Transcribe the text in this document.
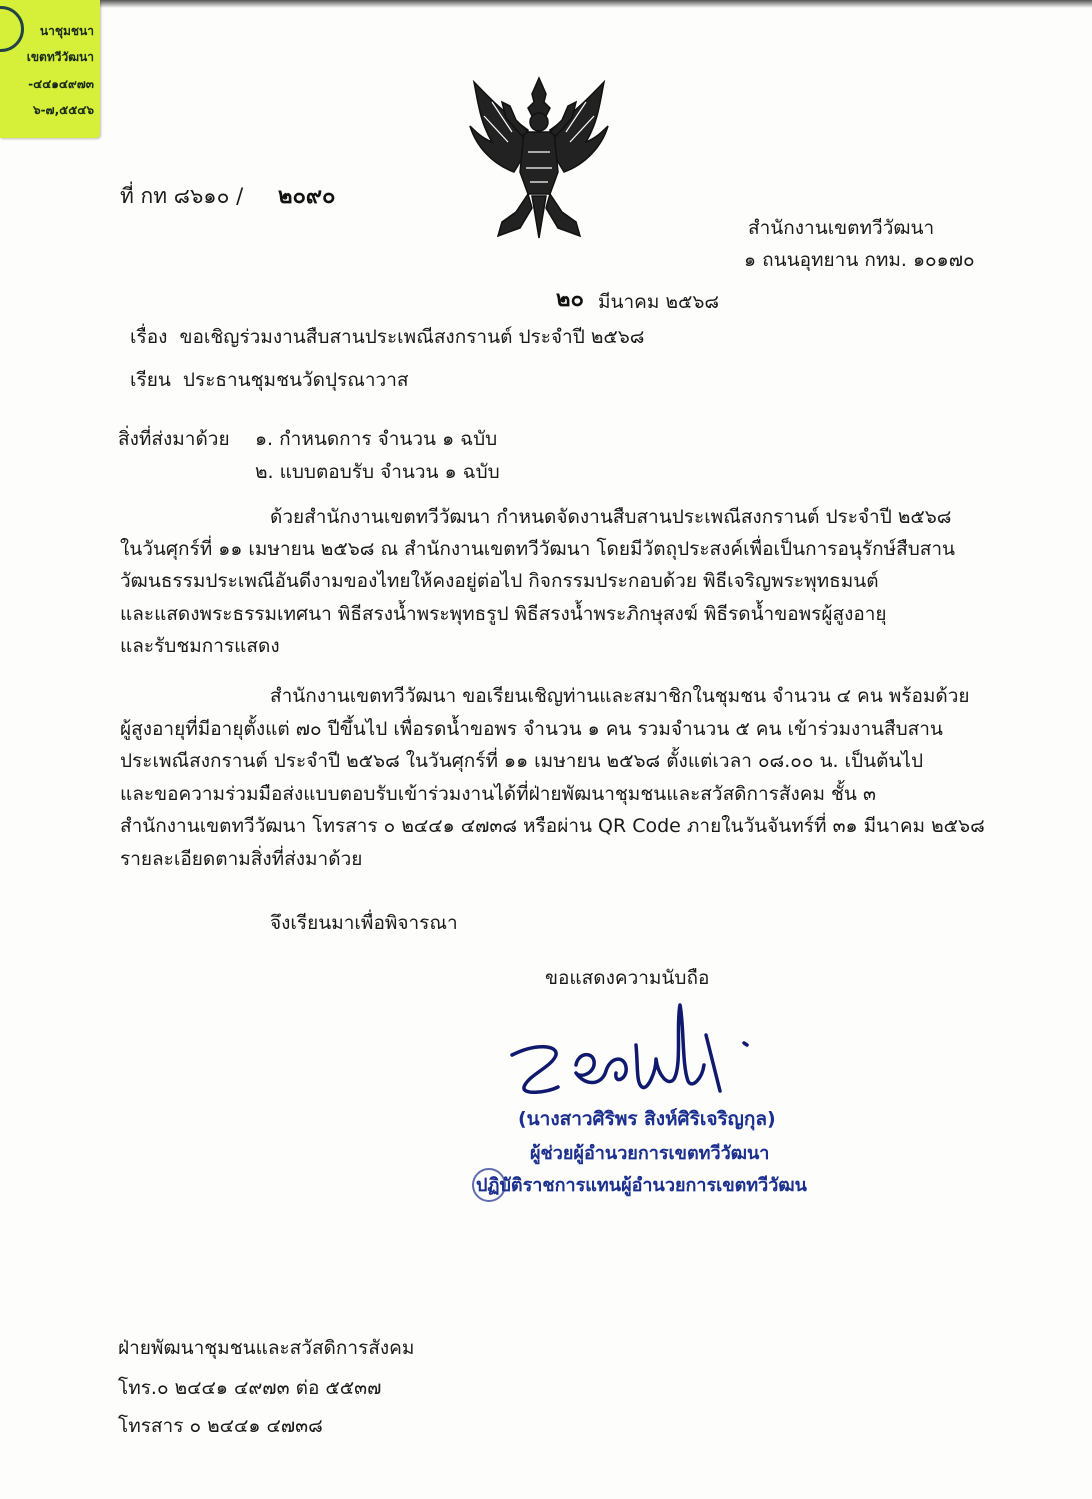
นาชุมชนา
เขตทวีวัฒนา
-๔๔๑๔๙๗๓
๖-๗,๕๕๔๖
ที่ กท ๘๖๑๐ / ๒๐๙๐
สำนักงานเขตทวีวัฒนา
๑ ถนนอุทยาน กทม. ๑๐๑๗๐
๒๐ มีนาคม ๒๕๖๘
เรื่อง ขอเชิญร่วมงานสืบสานประเพณีสงกรานต์ ประจำปี ๒๕๖๘
เรียน ประธานชุมชนวัดปุรณาวาส
สิ่งที่ส่งมาด้วย ๑. กำหนดการ จำนวน ๑ ฉบับ
๒. แบบตอบรับ จำนวน ๑ ฉบับ
ด้วยสำนักงานเขตทวีวัฒนา กำหนดจัดงานสืบสานประเพณีสงกรานต์ ประจำปี ๒๕๖๘
ในวันศุกร์ที่ ๑๑ เมษายน ๒๕๖๘ ณ สำนักงานเขตทวีวัฒนา โดยมีวัตถุประสงค์เพื่อเป็นการอนุรักษ์สืบสาน
วัฒนธรรมประเพณีอันดีงามของไทยให้คงอยู่ต่อไป กิจกรรมประกอบด้วย พิธีเจริญพระพุทธมนต์
และแสดงพระธรรมเทศนา พิธีสรงน้ำพระพุทธรูป พิธีสรงน้ำพระภิกษุสงฆ์ พิธีรดน้ำขอพรผู้สูงอายุ
และรับชมการแสดง
สำนักงานเขตทวีวัฒนา ขอเรียนเชิญท่านและสมาชิกในชุมชน จำนวน ๔ คน พร้อมด้วย
ผู้สูงอายุที่มีอายุตั้งแต่ ๗๐ ปีขึ้นไป เพื่อรดน้ำขอพร จำนวน ๑ คน รวมจำนวน ๕ คน เข้าร่วมงานสืบสาน
ประเพณีสงกรานต์ ประจำปี ๒๕๖๘ ในวันศุกร์ที่ ๑๑ เมษายน ๒๕๖๘ ตั้งแต่เวลา ๐๘.๐๐ น. เป็นต้นไป
และขอความร่วมมือส่งแบบตอบรับเข้าร่วมงานได้ที่ฝ่ายพัฒนาชุมชนและสวัสดิการสังคม ชั้น ๓
สำนักงานเขตทวีวัฒนา โทรสาร ๐ ๒๔๔๑ ๔๗๓๘ หรือผ่าน QR Code ภายในวันจันทร์ที่ ๓๑ มีนาคม ๒๕๖๘
รายละเอียดตามสิ่งที่ส่งมาด้วย
จึงเรียนมาเพื่อพิจารณา
ขอแสดงความนับถือ
(นางสาวศิริพร สิงห์ศิริเจริญกุล)
ผู้ช่วยผู้อำนวยการเขตทวีวัฒนา
ปฏิบัติราชการแทนผู้อำนวยการเขตทวีวัฒน
ฝ่ายพัฒนาชุมชนและสวัสดิการสังคม
โทร.๐ ๒๔๔๑ ๔๙๗๓ ต่อ ๕๕๓๗
โทรสาร ๐ ๒๔๔๑ ๔๗๓๘
